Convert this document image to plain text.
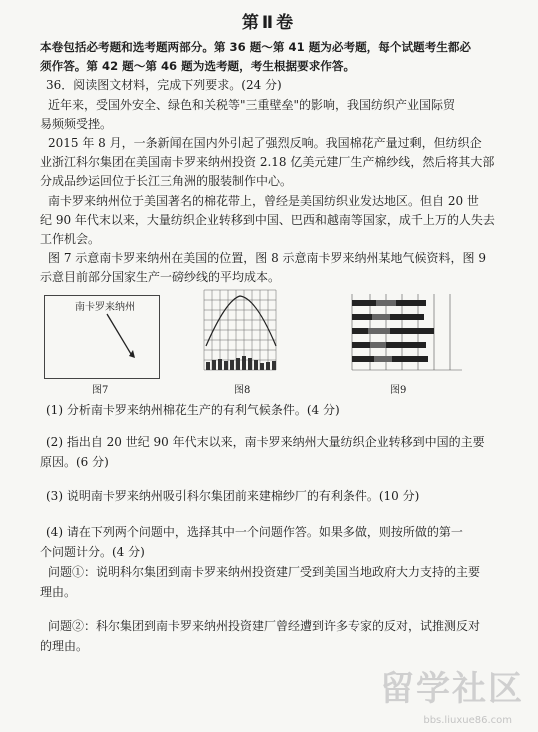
第Ⅱ卷
本卷包括必考题和选考题两部分。第 36 题～第 41 题为必考题，每个试题考生都必
须作答。第 42 题～第 46 题为选考题，考生根据要求作答。
36．阅读图文材料，完成下列要求。(24 分)
近年来，受国外安全、绿色和关税等"三重壁垒"的影响，我国纺织产业国际贸
易频频受挫。
2015 年 8 月，一条新闻在国内外引起了强烈反响。我国棉花产量过剩，但纺织企
业浙江科尔集团在美国南卡罗来纳州投资 2.18 亿美元建厂生产棉纱线，然后将其大部
分成品纱运回位于长江三角洲的服装制作中心。
南卡罗来纳州位于美国著名的棉花带上，曾经是美国纺织业发达地区。但自 20 世
纪 90 年代末以来，大量纺织企业转移到中国、巴西和越南等国家，成千上万的人失去
工作机会。
图 7 示意南卡罗来纳州在美国的位置，图 8 示意南卡罗来纳州某地气候资料，图 9
示意目前部分国家生产一磅纱线的平均成本。
南卡罗来纳州
图7	图8	图9
(1) 分析南卡罗来纳州棉花生产的有利气候条件。(4 分)
(2) 指出自 20 世纪 90 年代末以来，南卡罗来纳州大量纺织企业转移到中国的主要
原因。(6 分)
(3) 说明南卡罗来纳州吸引科尔集团前来建棉纱厂的有利条件。(10 分)
(4) 请在下列两个问题中，选择其中一个问题作答。如果多做，则按所做的第一
个问题计分。(4 分)
问题①：说明科尔集团到南卡罗来纳州投资建厂受到美国当地政府大力支持的主要
理由。
问题②：科尔集团到南卡罗来纳州投资建厂曾经遭到许多专家的反对，试推测反对
的理由。
留学社区
bbs.liuxue86.com
